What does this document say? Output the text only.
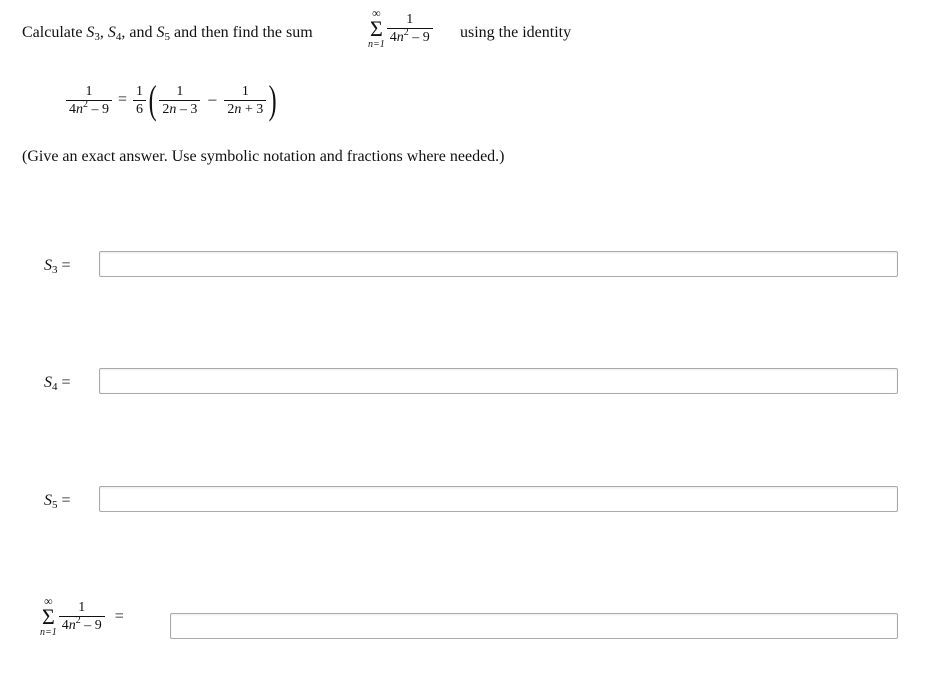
Calculate $S_3$, $S_4$, and $S_5$ and then find the sum
∞
Σ
$n=1 \frac{1}{4n^2 - 9}$ using the identity
$\frac{1}{4n^2 - 9} = \frac{1}{6}$ ( $\frac{1}{2n - 3} - \frac{1}{2n + 3}$ )
(Give an exact answer. Use symbolic notation and fractions where needed.)
$S_3$ =
$S_4$ =
$S_5$ =
∞
Σ
$n=1 \frac{1}{4n^2 - 9}$ =
